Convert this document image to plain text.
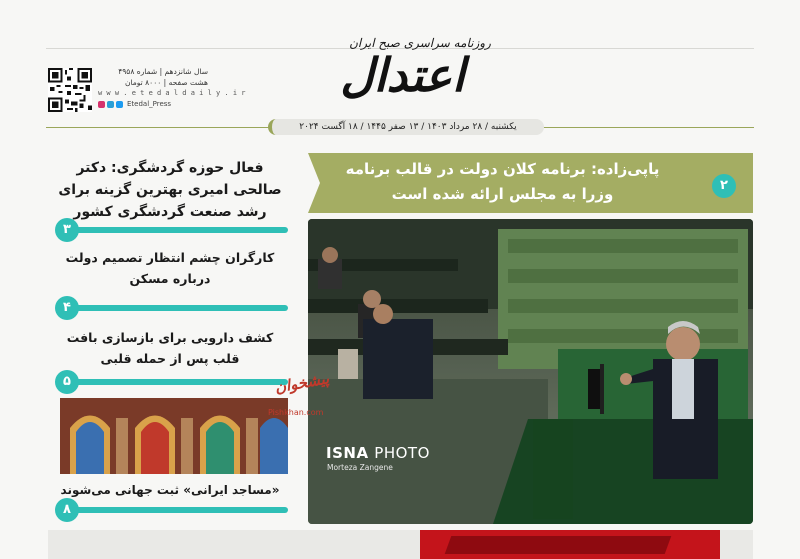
روزنامه سراسری صبح ایران
اعتدال
سال شانزدهم | شماره ۴۹۵۸
هشت صفحه | ۸۰۰۰ تومان
w w w . e t e d a l d a i l y . i r
Etedal_Press
یکشنبه / ۲۸ مرداد ۱۴۰۳ / ۱۳ صفر ۱۴۴۵ / ۱۸ آگست ۲۰۲۴
پاپی‌زاده: برنامه کلان دولت در قالب برنامه وزرا به مجلس ارائه شده است	۲
ISNA PHOTO
Morteza Zangene
فعال حوزه گردشگری: دکتر صالحی امیری بهترین گزینه برای رشد صنعت گردشگری کشور
۳
کارگران چشم انتظار تصمیم دولت درباره مسکن
۴
کشف دارویی برای بازسازی بافت قلب پس از حمله قلبی
۵
«مساجد ایرانی» ثبت جهانی می‌شوند
۸
پیشخوان
Pishkhan.com
